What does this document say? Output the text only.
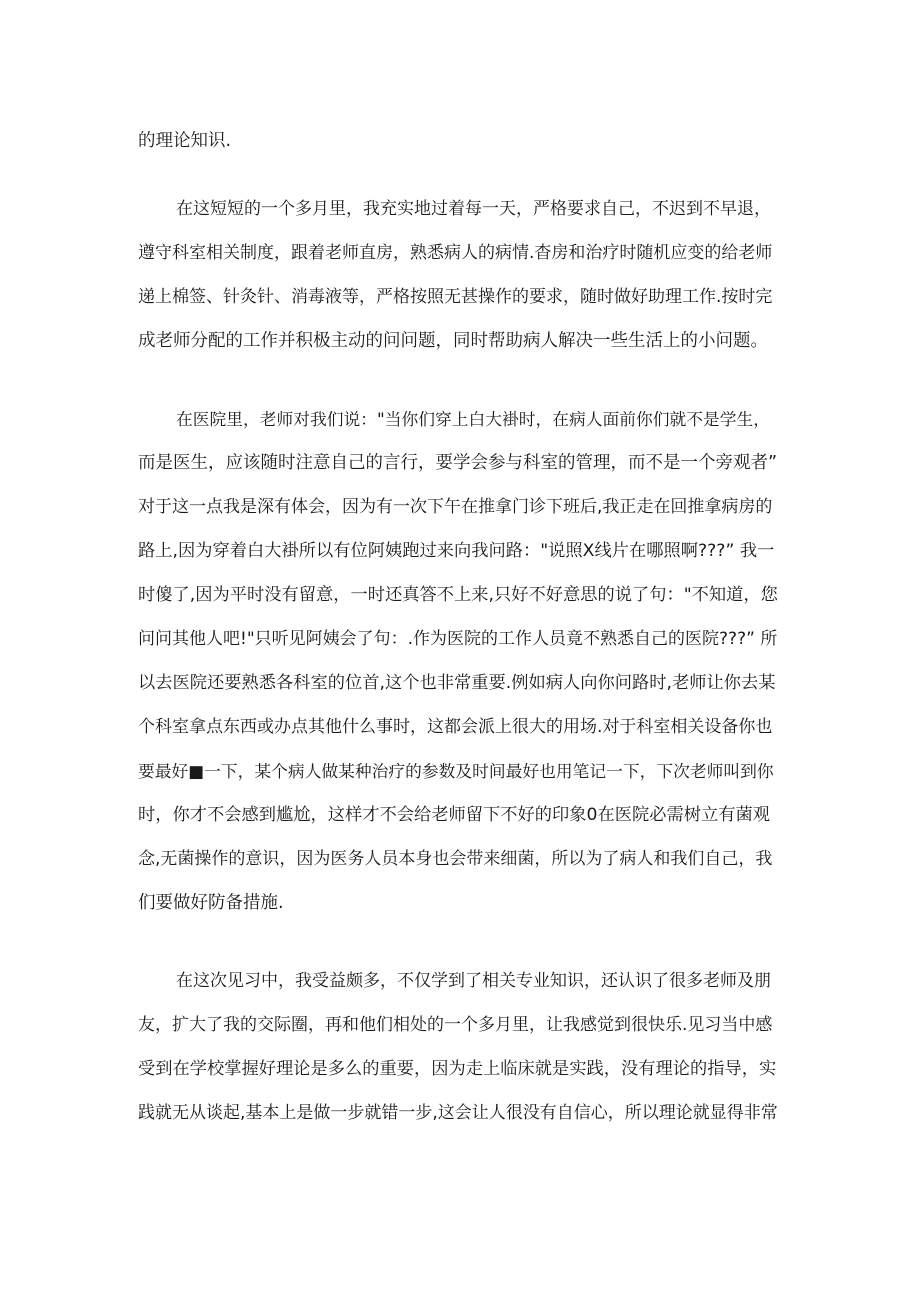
的理论知识.
在这短短的一个多月里，我充实地过着每一天，严格要求自己，不迟到不早退，
遵守科室相关制度，跟着老师直房，熟悉病人的病情.杳房和治疗时随机应变的给老师
递上棉签、针灸针、消毒液等，严格按照无甚操作的要求，随时做好助理工作.按时完
成老师分配的工作并积极主动的问问题，同时帮助病人解决一些生活上的小问题。
在医院里，老师对我们说："当你们穿上白大褂时，在病人面前你们就不是学生，
而是医生，应该随时注意自己的言行，要学会参与科室的管理，而不是一个旁观者”
对于这一点我是深有体会，因为有一次下午在推拿门诊下班后,我正走在回推拿病房的
路上,因为穿着白大褂所以有位阿姨跑过来向我问路："说照X线片在哪照啊???” 我一
时傻了,因为平时没有留意，一时还真答不上来,只好不好意思的说了句："不知道，您
问问其他人吧!"只听见阿姨会了句：.作为医院的工作人员竟不熟悉自己的医院???” 所
以去医院还要熟悉各科室的位首,这个也非常重要.例如病人向你问路时,老师让你去某
个科室拿点东西或办点其他什么事时，这都会派上很大的用场.对于科室相关设备你也
要最好■一下，某个病人做某种治疗的参数及时间最好也用笔记一下，下次老师叫到你
时，你才不会感到尴尬，这样才不会给老师留下不好的印象0在医院必需树立有菌观
念,无菌操作的意识，因为医务人员本身也会带来细菌，所以为了病人和我们自己，我
们要做好防备措施.
在这次见习中，我受益颇多，不仅学到了相关专业知识，还认识了很多老师及朋
友，扩大了我的交际圈，再和他们相处的一个多月里，让我感觉到很快乐.见习当中感
受到在学校掌握好理论是多么的重要，因为走上临床就是实践，没有理论的指导，实
践就无从谈起,基本上是做一步就错一步,这会让人很没有自信心，所以理论就显得非常
